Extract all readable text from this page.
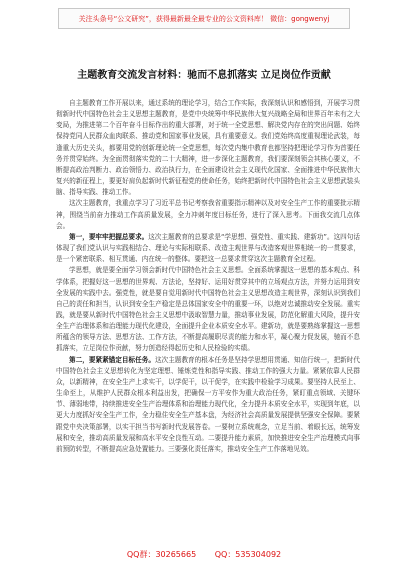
关注头条号“公文研究”，获得最新最全最专业的公文资料库！ 微信：gongwenyj
主题教育交流发言材料：驰而不息抓落实 立足岗位作贡献

自主题教育工作开展以来，通过系统的理论学习，结合工作实际，我深刻认识和感悟到，开展学习贯彻新时代中国特色社会主义思想主题教育，是党中央统筹中华民族伟大复兴战略全局和世界百年未有之大变局，为推进第二个百年奋斗目标作出的重大部署，对于统一全党思想、解决党内存在的突出问题、始终保持党同人民群众血肉联系、推动党和国家事业发展，具有重要意义。我们党始终高度重视理论武装，每逢重大历史关头，都要用党的创新理论统一全党思想，每次党内集中教育也都坚持把理论学习作为首要任务并贯穿始终。为全面贯彻落实党的二十大精神，进一步深化主题教育，我们要深刻领会其核心要义，不断提高政治判断力、政治领悟力、政治执行力，在全面建设社会主义现代化国家、全面推进中华民族伟大复兴的新征程上，要更好肩负起新时代新征程党的使命任务，始终把新时代中国特色社会主义思想武装头脑、指导实践、推动工作。

这次主题教育，我重点学习了习近平总书记考察我省重要指示精神以及对安全生产工作的重要批示精神，围绕当前奋力推动工作高质量发展，全力冲刺年度目标任务，进行了深入思考。下面我交流几点体会。

第一，要牢牢把握总要求。这次主题教育的总要求是“学思想、强党性、重实践、建新功”。这四句话体现了我们党认识与实践相结合、理论与实际相联系、改造主观世界与改造客观世界相统一的一贯要求，是一个紧密联系、相互贯通、内在统一的整体。要把这一总要求贯穿这次主题教育全过程。

学思想，就是要全面学习领会新时代中国特色社会主义思想。全面系统掌握这一思想的基本观点、科学体系，把握好这一思想的世界观、方法论，坚持好、运用好贯穿其中的立场观点方法，并努力运用到安全发展的实践中去。强党性，就是要自觉用新时代中国特色社会主义思想改造主观世界，深刻认识到我们自己的责任和担当，认识到安全生产稳定是总体国家安全中的重要一环，以绝对忠诚推动安全发展。重实践，就是要从新时代中国特色社会主义思想中汲取智慧力量，推动事业发展，防范化解重大风险，提升安全生产治理体系和治理能力现代化建设，全面提升企业本质安全水平。建新功，就是要熟练掌握这一思想所蕴含的领导方法、思想方法、工作方法，不断提高履职尽责的能力和水平，凝心聚力促发展，驰而不息抓落实，立足岗位作贡献，努力创造经得起历史和人民检验的实绩。

第二，要紧紧锚定目标任务。这次主题教育的根本任务是坚持学思想用贯通、知信行统一，把新时代中国特色社会主义思想转化为坚定理想、锤炼党性和指导实践、推动工作的强大力量。紧紧依靠人民群众，以新精神，在安全生产上求实干，以学促干，以干促学，在实践中检验学习成果。要坚持人民至上、生命至上，从维护人民群众根本利益出发，把确保一方平安作为重大政治任务，紧盯重点领域、关键环节、薄弱地带，持续推进安全生产治理体系和治理能力现代化，全力提升本质安全水平，实现到年底，以更大力度抓好安全生产工作，全力稳住安全生产基本盘，为经济社会高质量发展提供坚强安全保障。要紧跟党中央决策部署，以实干担当书写新时代发展答卷。一要树立系统观念，立足当前、着眼长远，统筹发展和安全，推动高质量发展和高水平安全良性互动。二要提升能力素质，加快推进安全生产治理模式向事前预防转型，不断提高应急处置能力。三要强化责任落实，推动安全生产工作落地见效。

QQ群：30265665 QQ：535304092
